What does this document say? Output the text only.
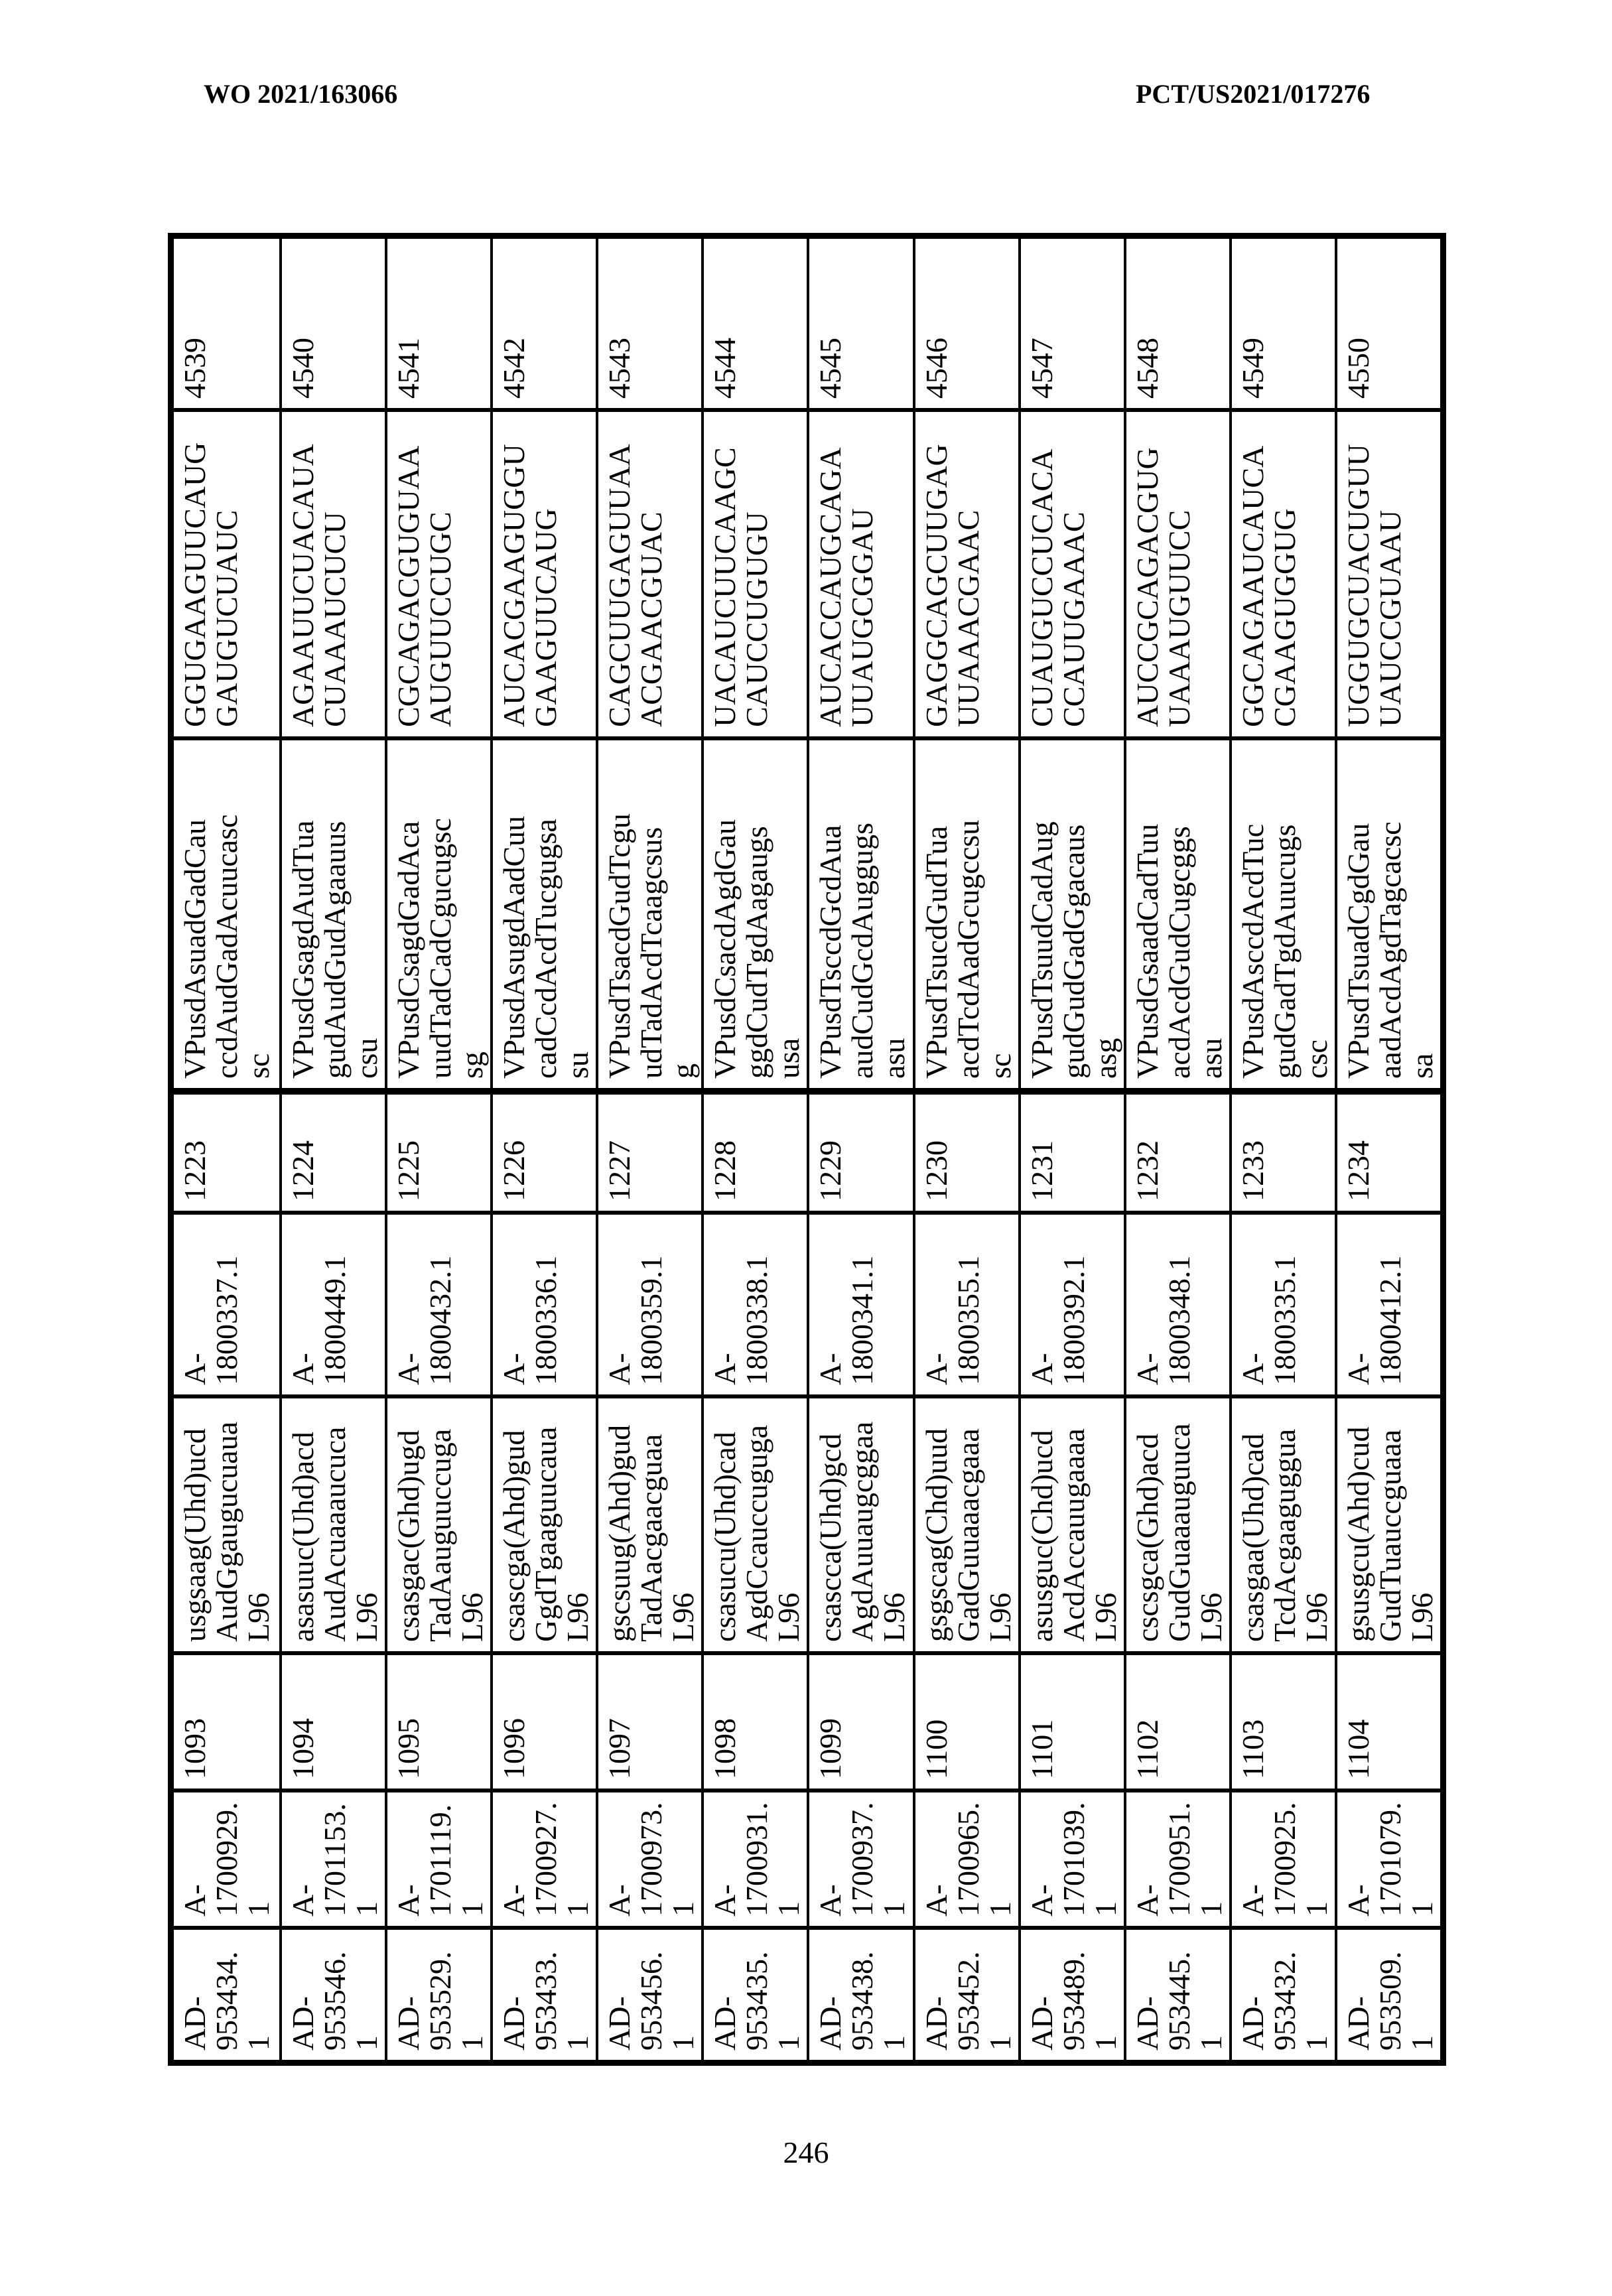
WO 2021/163066	PCT/US2021/017276
4539 4540 4541 4542 4543 4544 4545 4546 4547 4548 4549 4550
GGUGAAGUUCAUGGAUGUCUAUC AGAAUUCUACAUACUAAAUCUCU CGCAGACGUGUAAAUGUUCCUGC AUCACGAAGUGGUGAAGUUCAUG CAGCUUGAGUUAAACGAACGUAC UACAUCUUCAAGCCAUCCUGUGU AUCACCAUGCAGAUUAUGCGGAU GAGGCAGCUUGAGUUAAACGAAC CUAUGUCCUCACACCAUUGAAAC AUCCGCAGACGUGUAAAUGUUCC GGCAGAAUCAUCACGAAGUGGUG UGGUGCUACUGUUUAUCCGUAAU
VPusdAsuadGadCauccdAudGadAcuucascsc VPusdGsagdAudTuagudAudGudAgaauuscsu VPusdCsagdGadAcauudTadCadCgucugscsg VPusdAsugdAadCuucadCcdAcdTucgugsasu VPusdTsacdGudTcguudTadAcdTcaagcsusg VPusdCsacdAgdGauggdCudTgdAagaugsusa VPusdTsccdGcdAuaaudCudGcdAuggugsasu VPusdTsucdGudTuaacdTcdAadGcugccsusc VPusdTsuudCadAuggudGudGadGgacausasg VPusdGsaadCadTuuacdAcdGudCugcggsasu VPusdAsccdAcdTucgudGadTgdAuucugscsc VPusdTsuadCgdGauaadAcdAgdTagcacscsa
1223 1224 1225 1226 1227 1228 1229 1230 1231 1232 1233 1234
A-1800337.1 A-1800449.1 A-1800432.1 A-1800336.1 A-1800359.1 A-1800338.1 A-1800341.1 A-1800355.1 A-1800392.1 A-1800348.1 A-1800335.1 A-1800412.1
usgsaag(Uhd)ucdAudGgaugucuauaL96 asasuuc(Uhd)acdAudAcuaaaucucaL96 csasgac(Ghd)ugdTadAauguuccugaL96 csascga(Ahd)gudGgdTgaaguucauaL96 gscsuug(Ahd)gudTadAacgaacguaaL96 csasucu(Uhd)cadAgdCcauccugugaL96 csascca(Uhd)gcdAgdAuuaugcggaaL96 gsgscag(Chd)uudGadGuuaaacgaaaL96 asusguc(Chd)ucdAcdAccauugaaaaL96 cscsgca(Ghd)acdGudGuaaauguucaL96 csasgaa(Uhd)cadTcdAcgaagugguaL96 gsusgcu(Ahd)cudGudTuauccguaaaL96
1093 1094 1095 1096 1097 1098 1099 1100 1101 1102 1103 1104
A-1700929.1 A-1701153.1 A-1701119.1 A-1700927.1 A-1700973.1 A-1700931.1 A-1700937.1 A-1700965.1 A-1701039.1 A-1700951.1 A-1700925.1 A-1701079.1
AD-953434.1 AD-953546.1 AD-953529.1 AD-953433.1 AD-953456.1 AD-953435.1 AD-953438.1 AD-953452.1 AD-953489.1 AD-953445.1 AD-953432.1 AD-953509.1
246
